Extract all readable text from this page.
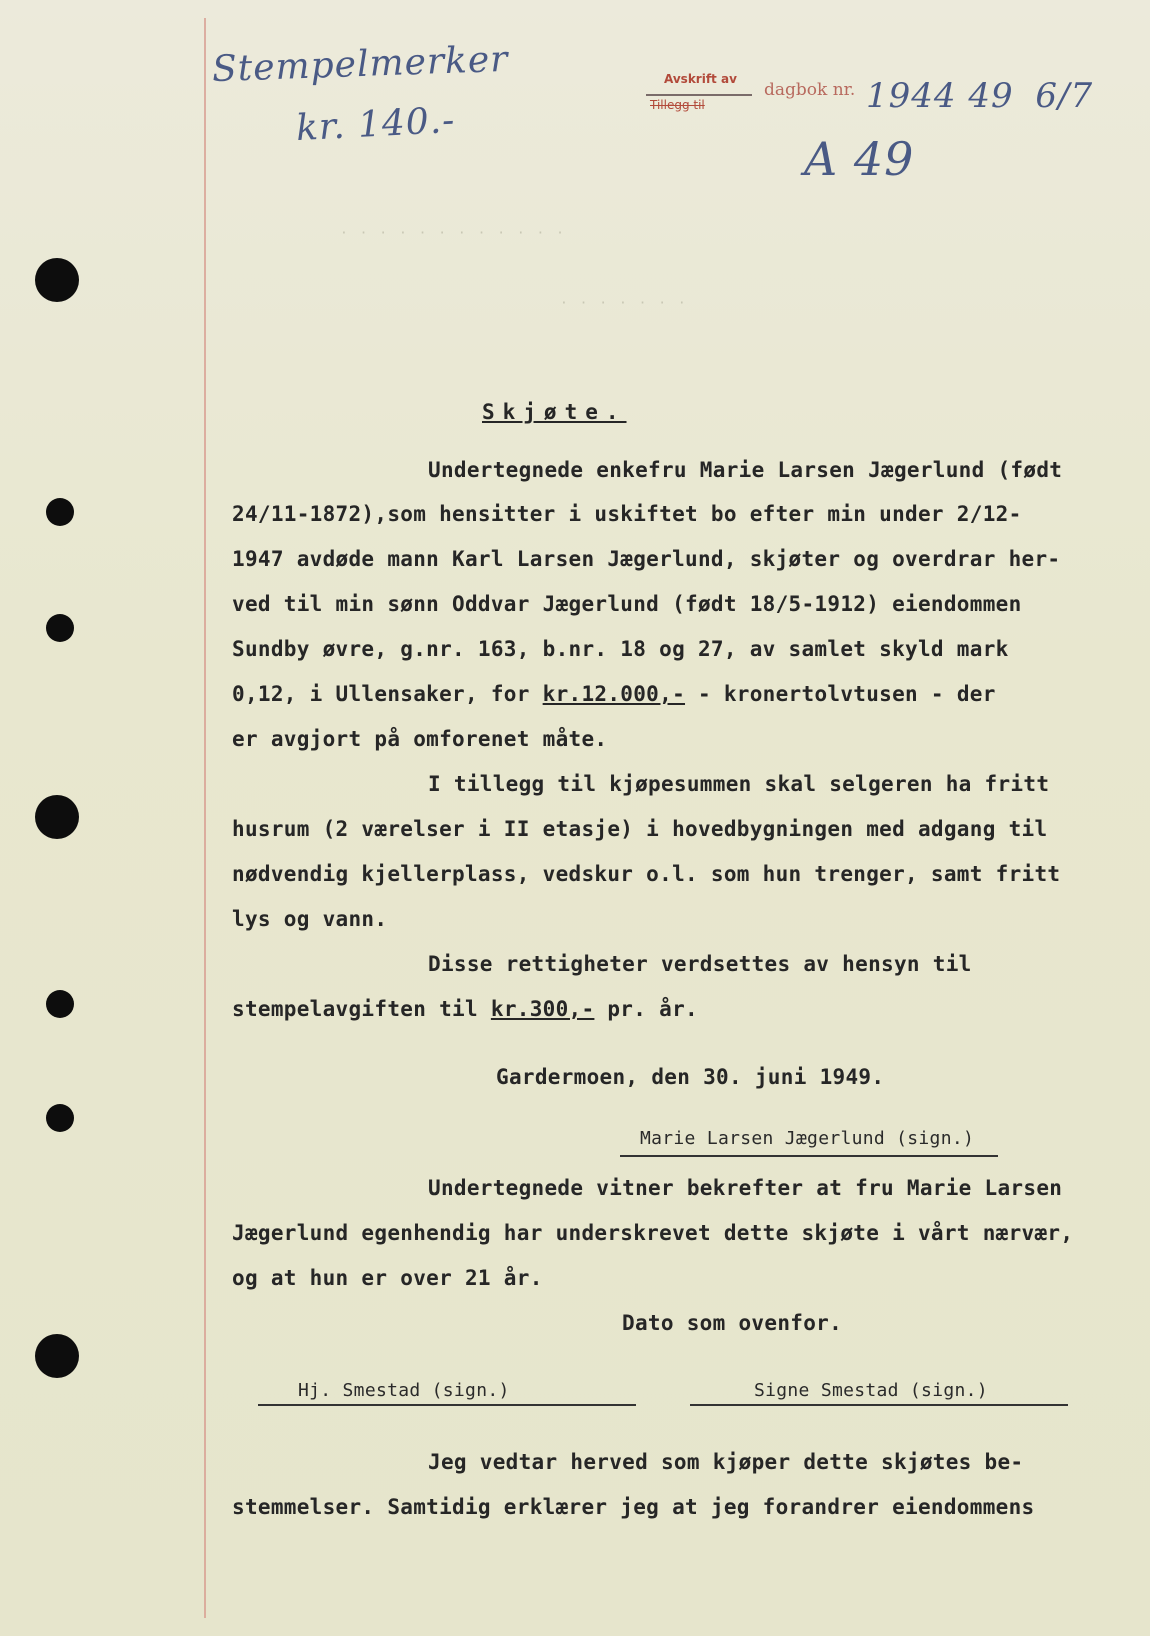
Stempelmerker
kr. 140.-
Avskrift av
Tillegg til
dagbok nr. 1944 49 6/7
A 49
· · · · · · · · · · · ·
· · · · · · ·
Skjøte.
Undertegnede enkefru Marie Larsen Jægerlund (født
24/11-1872),som hensitter i uskiftet bo efter min under 2/12-
1947 avdøde mann Karl Larsen Jægerlund, skjøter og overdrar her-
ved til min sønn Oddvar Jægerlund (født 18/5-1912) eiendommen
Sundby øvre, g.nr. 163, b.nr. 18 og 27, av samlet skyld mark
0,12, i Ullensaker, for kr.12.000,- - kronertolvtusen - der
er avgjort på omforenet måte.
I tillegg til kjøpesummen skal selgeren ha fritt
husrum (2 værelser i II etasje) i hovedbygningen med adgang til
nødvendig kjellerplass, vedskur o.l. som hun trenger, samt fritt
lys og vann.
Disse rettigheter verdsettes av hensyn til
stempelavgiften til kr.300,- pr. år.
Gardermoen, den 30. juni 1949.
Marie Larsen Jægerlund (sign.)
Undertegnede vitner bekrefter at fru Marie Larsen
Jægerlund egenhendig har underskrevet dette skjøte i vårt nærvær,
og at hun er over 21 år.
Dato som ovenfor.
Hj. Smestad (sign.)	Signe Smestad (sign.)
Jeg vedtar herved som kjøper dette skjøtes be-
stemmelser. Samtidig erklærer jeg at jeg forandrer eiendommens
